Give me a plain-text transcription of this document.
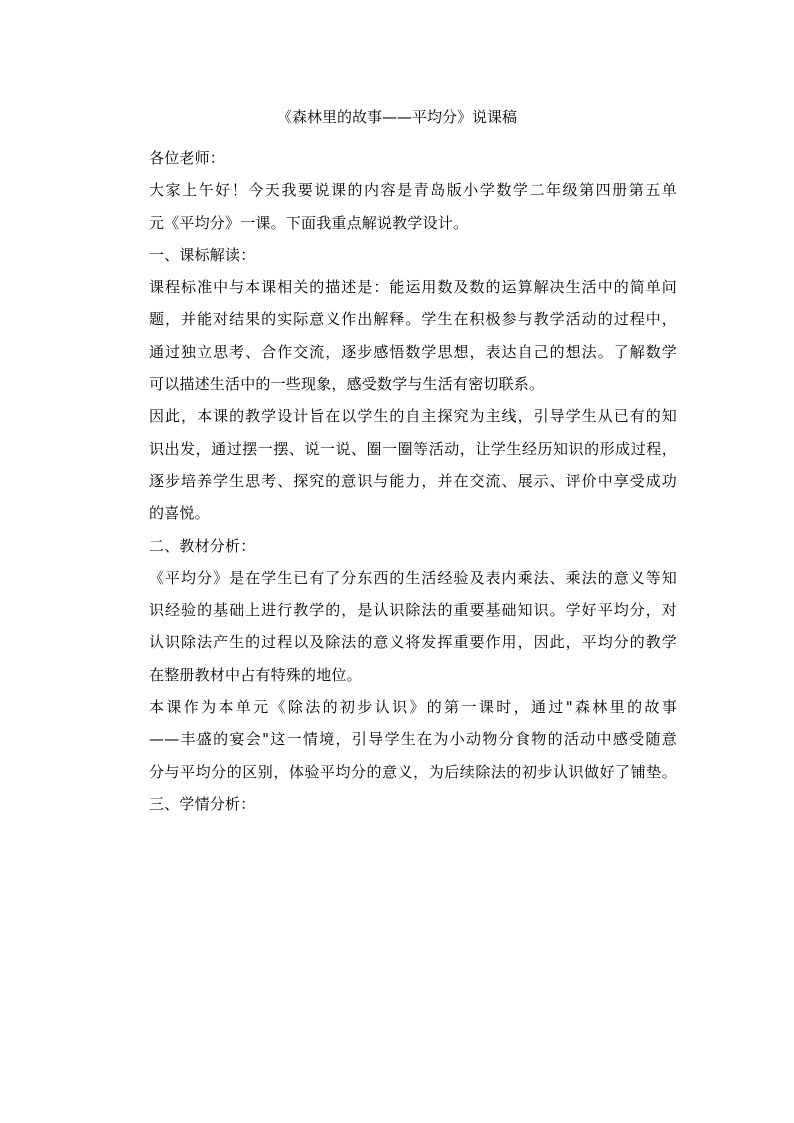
《森林里的故事——平均分》说课稿
各位老师：
大家上午好！今天我要说课的内容是青岛版小学数学二年级第四册第五单
元《平均分》一课。下面我重点解说教学设计。
一、课标解读：
课程标准中与本课相关的描述是：能运用数及数的运算解决生活中的简单问
题，并能对结果的实际意义作出解释。学生在积极参与教学活动的过程中，
通过独立思考、合作交流，逐步感悟数学思想，表达自己的想法。了解数学
可以描述生活中的一些现象，感受数学与生活有密切联系。
因此，本课的教学设计旨在以学生的自主探究为主线，引导学生从已有的知
识出发，通过摆一摆、说一说、圈一圈等活动，让学生经历知识的形成过程，
逐步培养学生思考、探究的意识与能力，并在交流、展示、评价中享受成功
的喜悦。
二、教材分析：
《平均分》是在学生已有了分东西的生活经验及表内乘法、乘法的意义等知
识经验的基础上进行教学的，是认识除法的重要基础知识。学好平均分，对
认识除法产生的过程以及除法的意义将发挥重要作用，因此，平均分的教学
在整册教材中占有特殊的地位。
本课作为本单元《除法的初步认识》的第一课时，通过"森林里的故事
——丰盛的宴会"这一情境，引导学生在为小动物分食物的活动中感受随意
分与平均分的区别，体验平均分的意义，为后续除法的初步认识做好了铺垫。
三、学情分析：
